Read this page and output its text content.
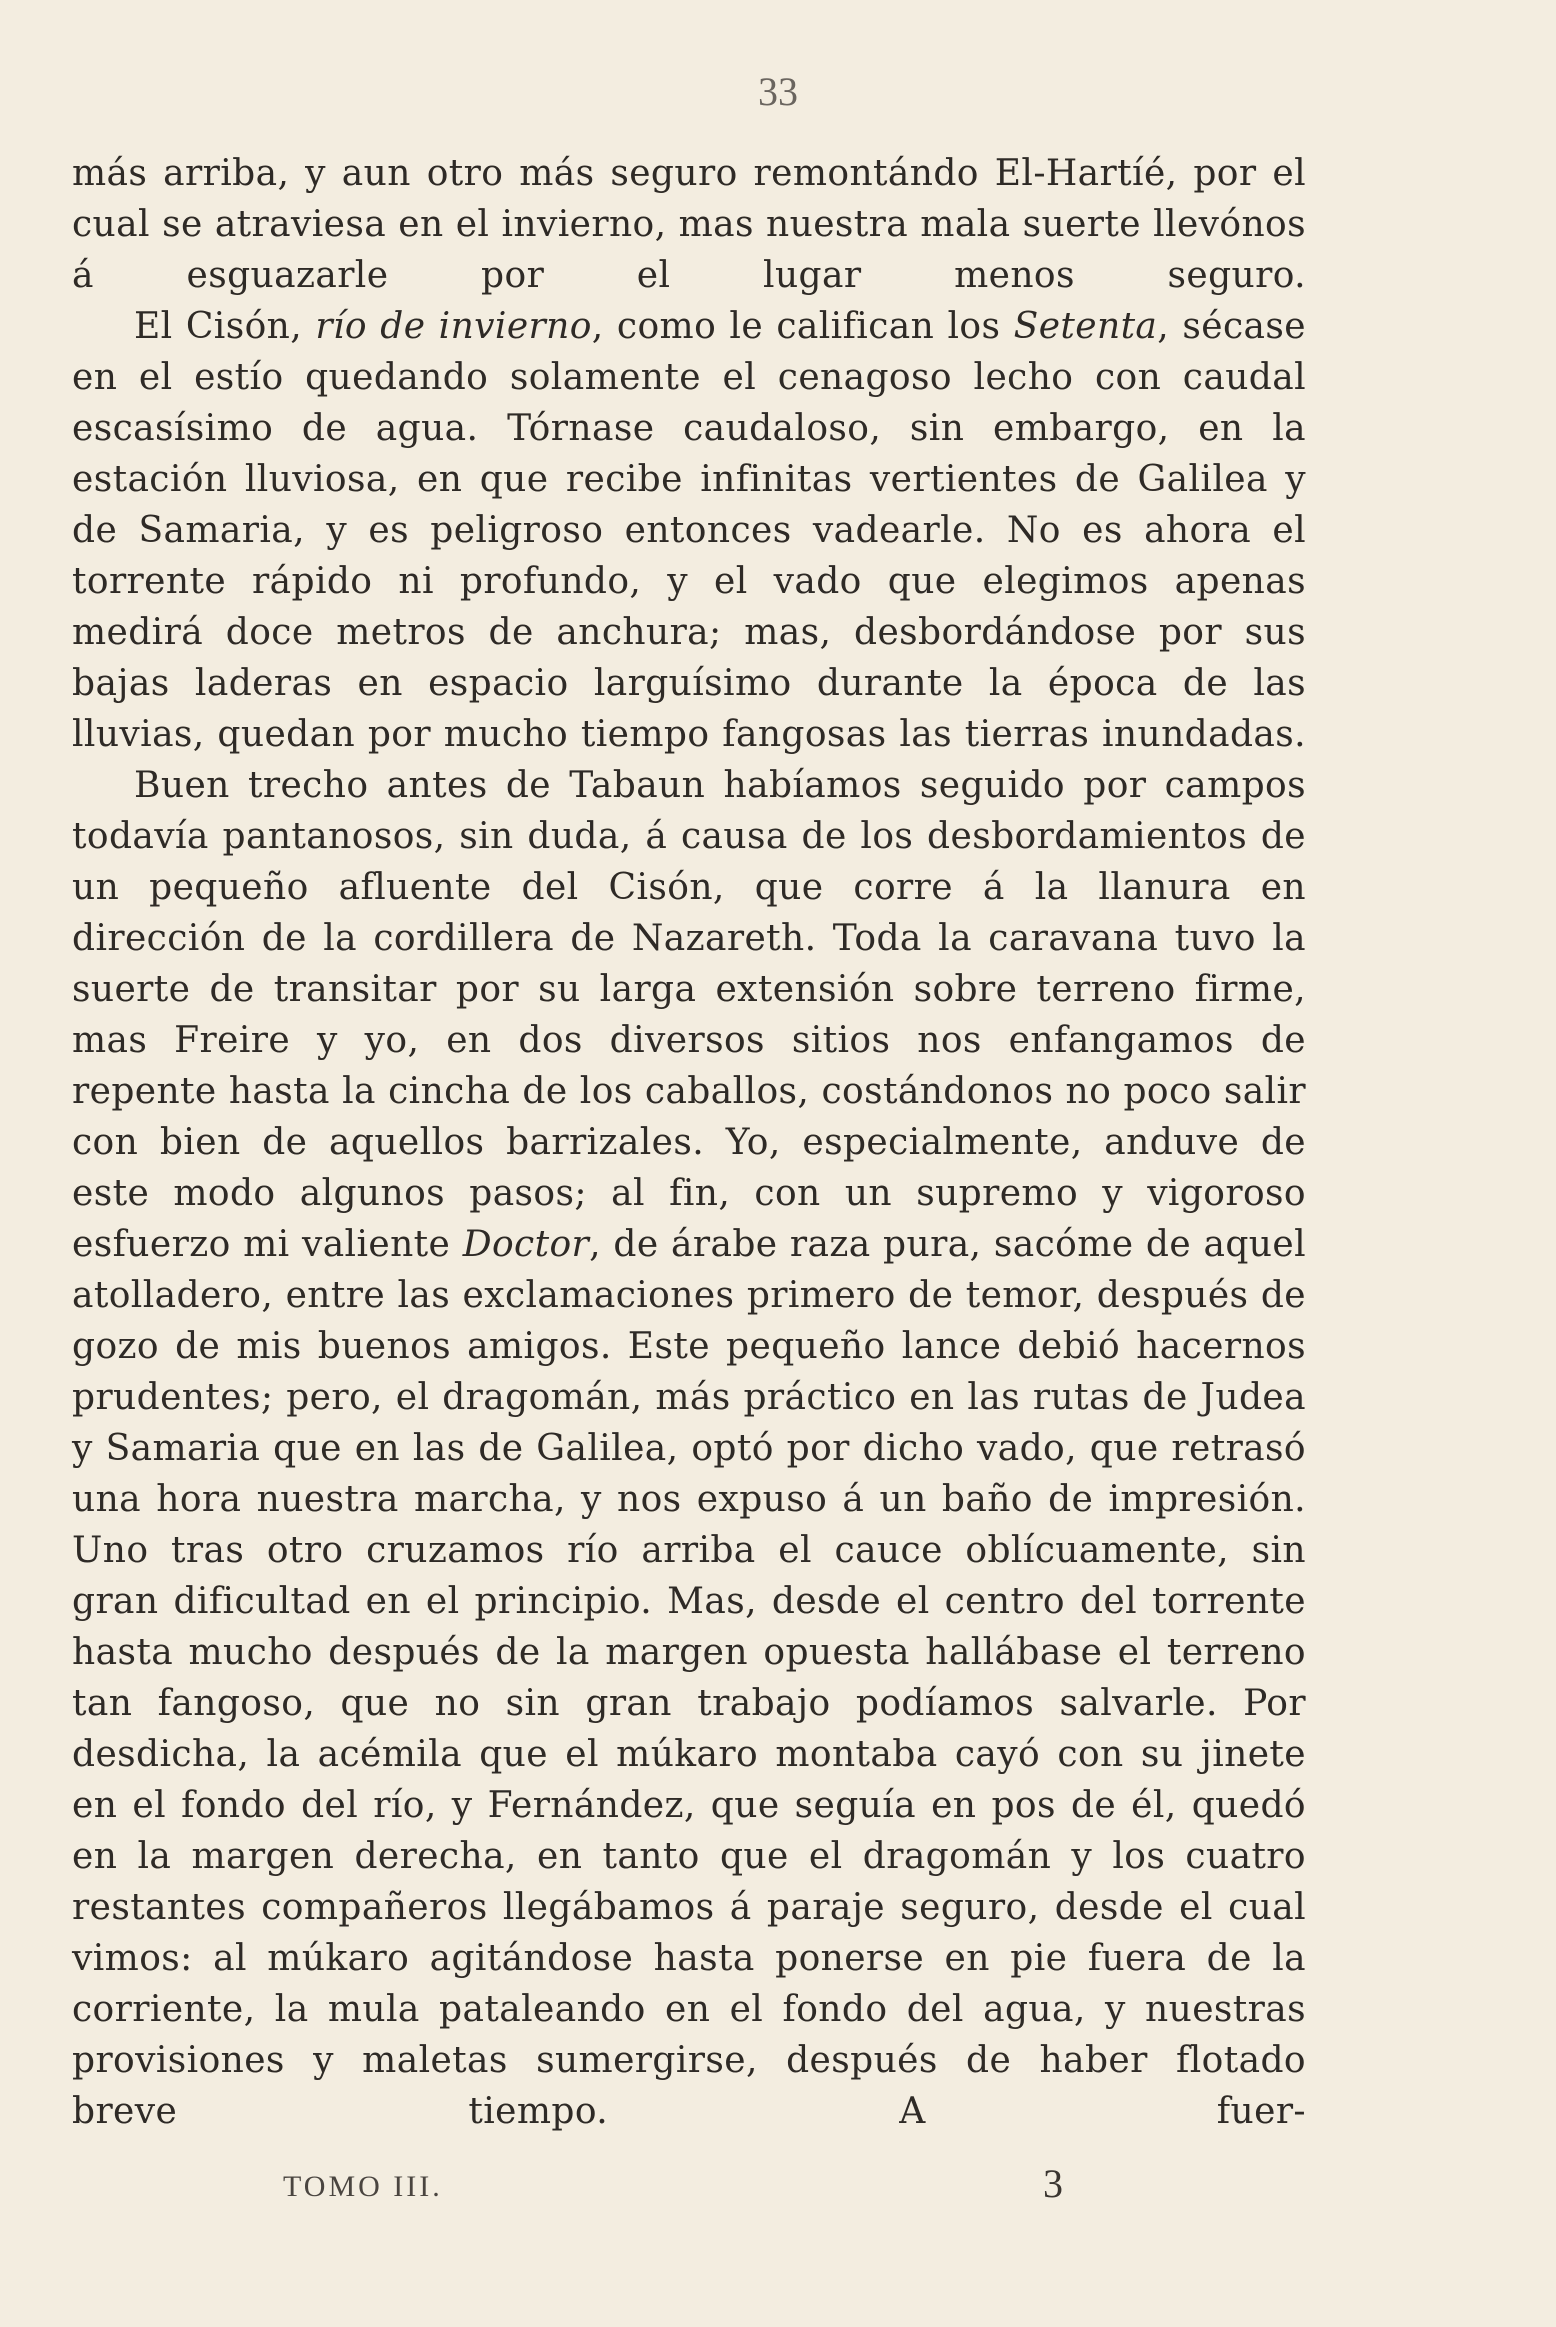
33

más arriba, y aun otro más seguro remontándo El-Hartíé, por el cual se atraviesa en el invierno, mas nuestra mala suerte llevónos á esguazarle por el lugar menos seguro.

El Cisón, río de invierno, como le califican los Setenta, sécase en el estío quedando solamente el cenagoso lecho con caudal escasísimo de agua. Tórnase caudaloso, sin embargo, en la estación lluviosa, en que recibe infinitas vertientes de Galilea y de Samaria, y es peligroso entonces vadearle. No es ahora el torrente rápido ni profundo, y el vado que elegimos apenas medirá doce metros de anchura; mas, desbordándose por sus bajas laderas en espacio larguísimo durante la época de las lluvias, quedan por mucho tiempo fangosas las tierras inundadas.

Buen trecho antes de Tabaun habíamos seguido por campos todavía pantanosos, sin duda, á causa de los desbordamientos de un pequeño afluente del Cisón, que corre á la llanura en dirección de la cordillera de Nazareth. Toda la caravana tuvo la suerte de transitar por su larga extensión sobre terreno firme, mas Freire y yo, en dos diversos sitios nos enfangamos de repente hasta la cincha de los caballos, costándonos no poco salir con bien de aquellos barrizales. Yo, especialmente, anduve de este modo algunos pasos; al fin, con un supremo y vigoroso esfuerzo mi valiente Doctor, de árabe raza pura, sacóme de aquel atolladero, entre las exclamaciones primero de temor, después de gozo de mis buenos amigos. Este pequeño lance debió hacernos prudentes; pero, el dragomán, más práctico en las rutas de Judea y Samaria que en las de Galilea, optó por dicho vado, que retrasó una hora nuestra marcha, y nos expuso á un baño de impresión. Uno tras otro cruzamos río arriba el cauce oblícuamente, sin gran dificultad en el principio. Mas, desde el centro del torrente hasta mucho después de la margen opuesta hallábase el terreno tan fangoso, que no sin gran trabajo podíamos salvarle. Por desdicha, la acémila que el múkaro montaba cayó con su jinete en el fondo del río, y Fernández, que seguía en pos de él, quedó en la margen derecha, en tanto que el dragomán y los cuatro restantes compañeros llegábamos á paraje seguro, desde el cual vimos: al múkaro agitándose hasta ponerse en pie fuera de la corriente, la mula pataleando en el fondo del agua, y nuestras provisiones y maletas sumergirse, después de haber flotado breve tiempo. A fuer-

TOMO III.	3
